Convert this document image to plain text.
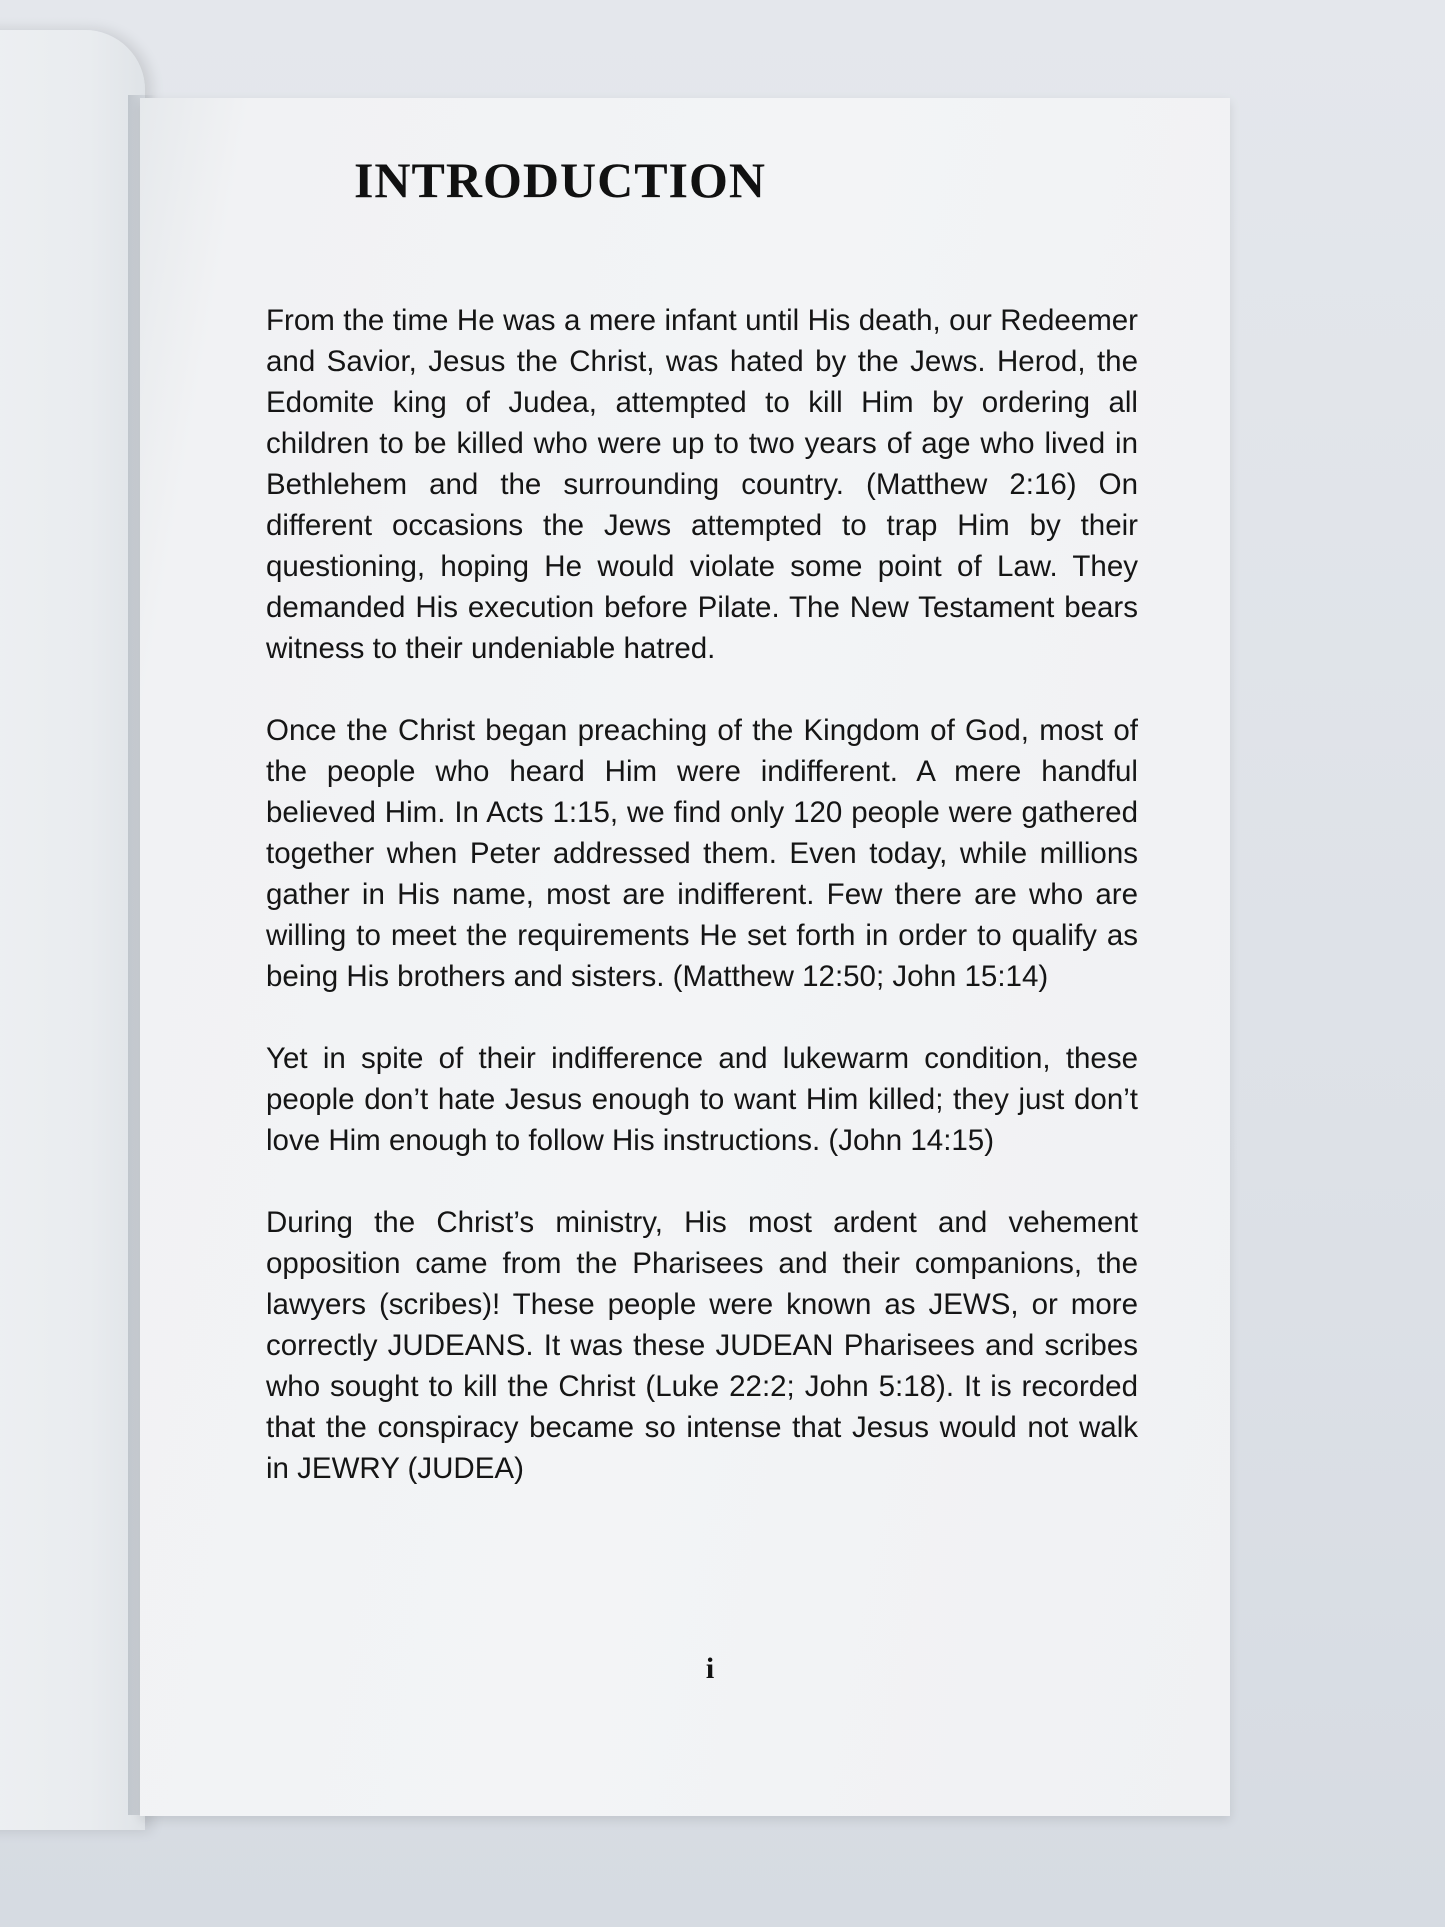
INTRODUCTION

From the time He was a mere infant until His death, our Redeemer and Savior, Jesus the Christ, was hated by the Jews. Herod, the Edomite king of Judea, attempted to kill Him by ordering all children to be killed who were up to two years of age who lived in Bethlehem and the surrounding country. (Matthew 2:16) On different occasions the Jews attempted to trap Him by their questioning, hoping He would violate some point of Law. They demanded His execution before Pilate. The New Testament bears witness to their undeniable hatred.

Once the Christ began preaching of the Kingdom of God, most of the people who heard Him were indifferent. A mere handful believed Him. In Acts 1:15, we find only 120 people were gathered together when Peter addressed them. Even today, while millions gather in His name, most are indifferent. Few there are who are willing to meet the requirements He set forth in order to qualify as being His brothers and sisters. (Matthew 12:50; John 15:14)

Yet in spite of their indifference and lukewarm condition, these people don’t hate Jesus enough to want Him killed; they just don’t love Him enough to follow His instructions. (John 14:15)

During the Christ’s ministry, His most ardent and vehement opposition came from the Pharisees and their companions, the lawyers (scribes)! These people were known as JEWS, or more correctly JUDEANS. It was these JUDEAN Pharisees and scribes who sought to kill the Christ (Luke 22:2; John 5:18). It is recorded that the conspiracy became so intense that Jesus would not walk in JEWRY (JUDEA)

i
